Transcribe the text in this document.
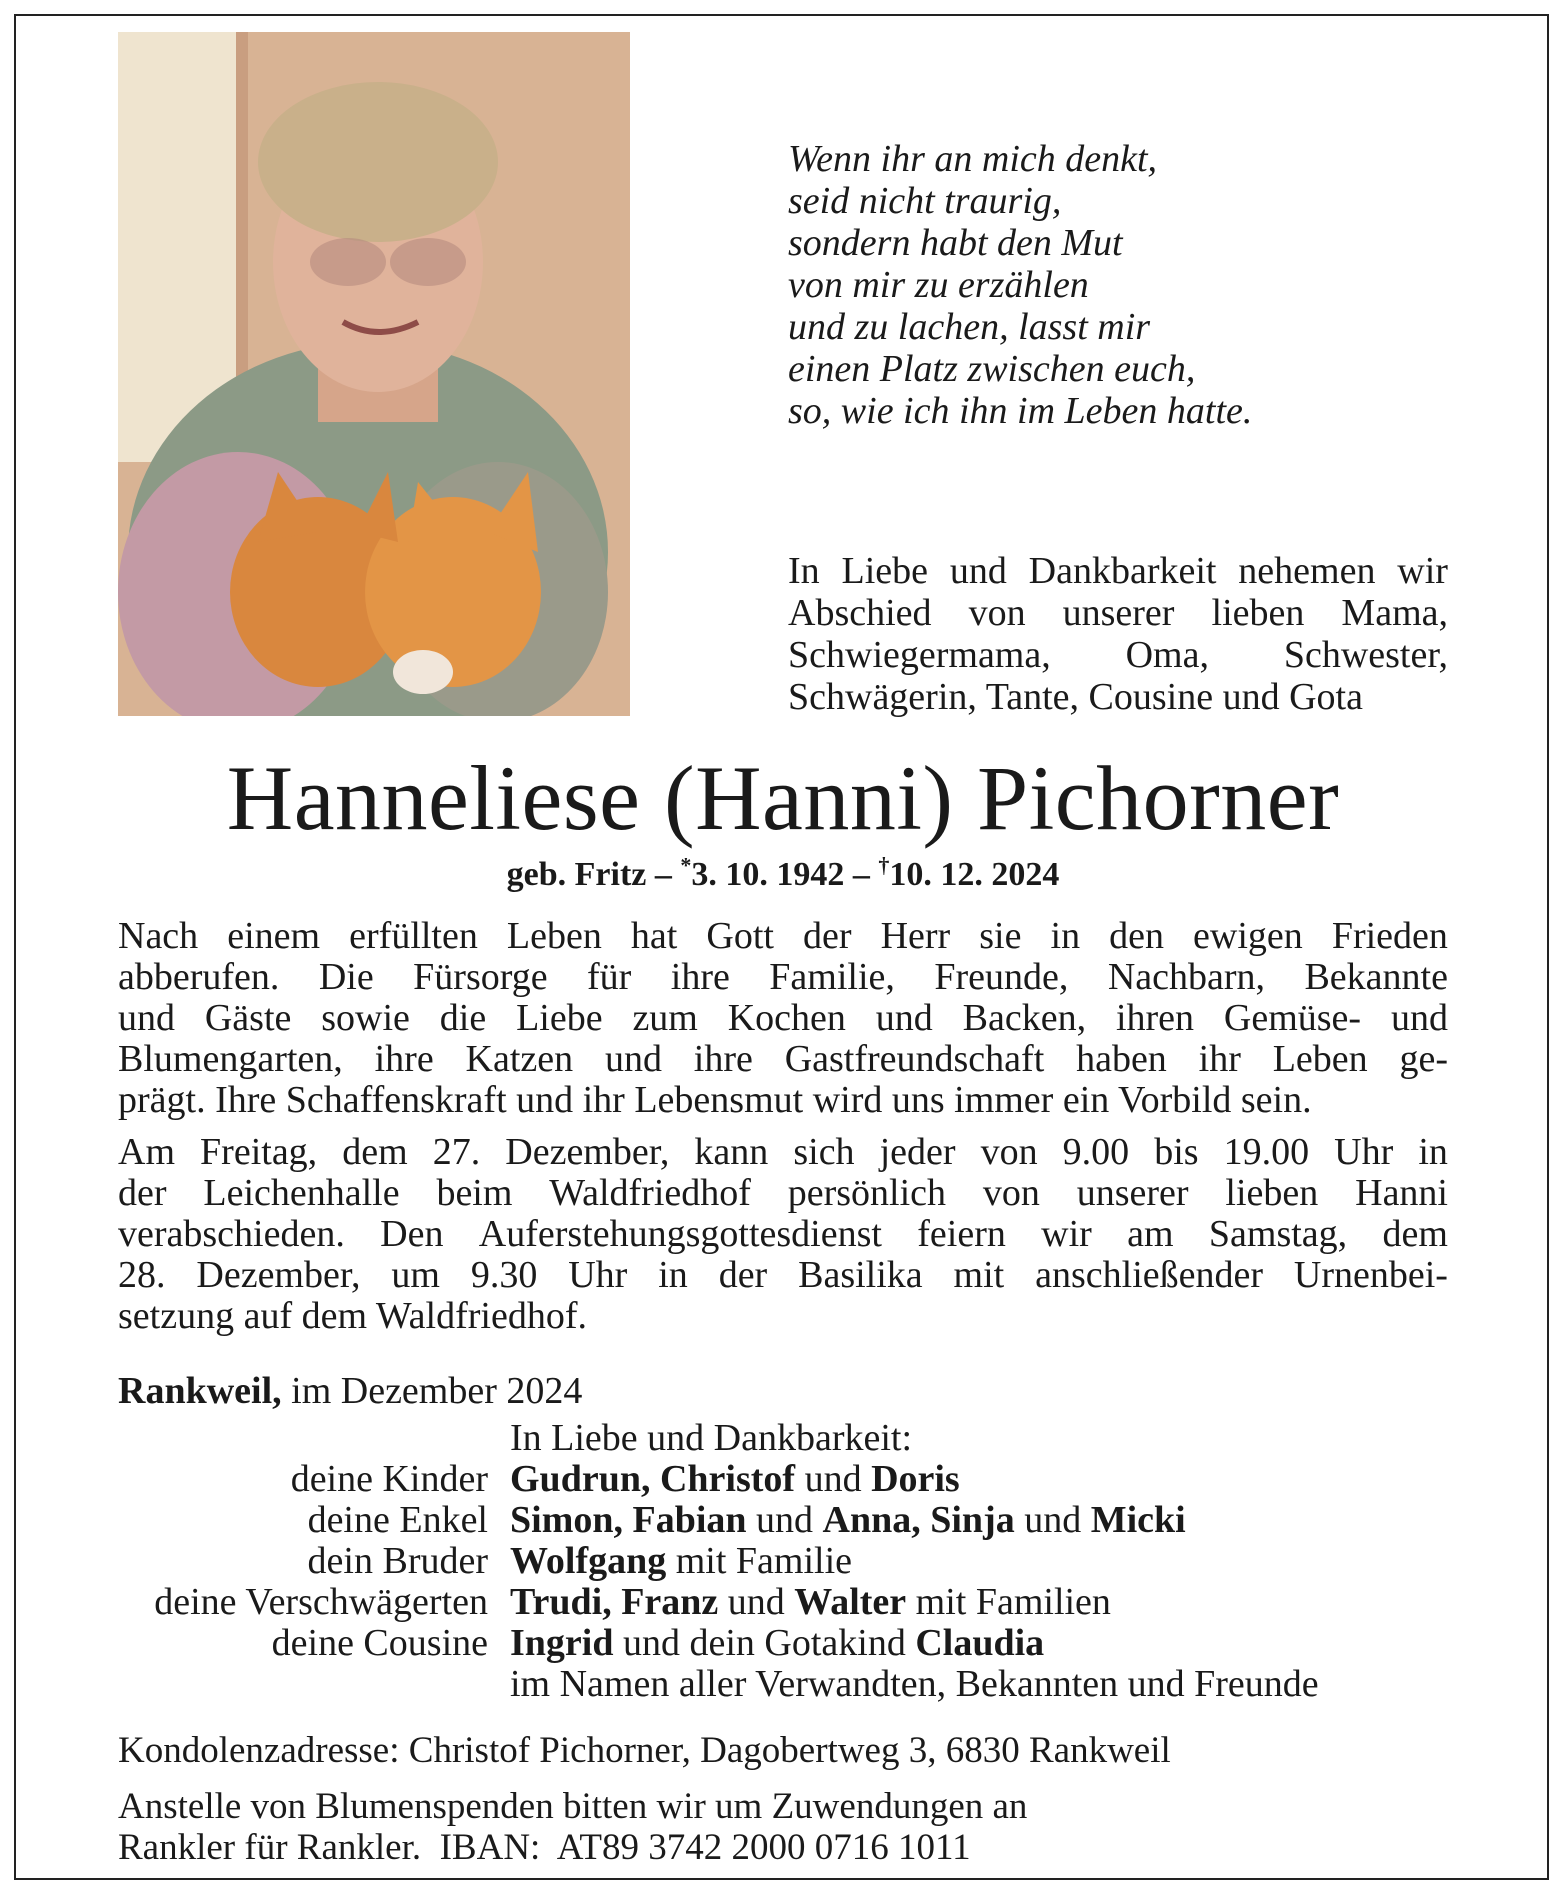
Wenn ihr an mich denkt,
seid nicht traurig,
sondern habt den Mut
von mir zu erzählen
und zu lachen, lasst mir
einen Platz zwischen euch,
so, wie ich ihn im Leben hatte.
In Liebe und Dankbarkeit nehemen wir
Abschied von unserer lieben Mama,
Schwiegermama, Oma, Schwester,
Schwägerin, Tante, Cousine und Gota
Hanneliese (Hanni) Pichorner
geb. Fritz – *3. 10. 1942 – †10. 12. 2024
Nach einem erfüllten Leben hat Gott der Herr sie in den ewigen Frieden
abberufen. Die Fürsorge für ihre Familie, Freunde, Nachbarn, Bekannte
und Gäste sowie die Liebe zum Kochen und Backen, ihren Gemüse- und
Blumengarten, ihre Katzen und ihre Gastfreundschaft haben ihr Leben ge-
prägt. Ihre Schaffenskraft und ihr Lebensmut wird uns immer ein Vorbild sein.
Am Freitag, dem 27. Dezember, kann sich jeder von 9.00 bis 19.00 Uhr in
der Leichenhalle beim Waldfriedhof persönlich von unserer lieben Hanni
verabschieden. Den Auferstehungsgottesdienst feiern wir am Samstag, dem
28. Dezember, um 9.30 Uhr in der Basilika mit anschließender Urnenbei-
setzung auf dem Waldfriedhof.
Rankweil, im Dezember 2024
In Liebe und Dankbarkeit:
deine Kinder Gudrun, Christof und Doris
deine Enkel Simon, Fabian und Anna, Sinja und Micki
dein Bruder Wolfgang mit Familie
deine Verschwägerten Trudi, Franz und Walter mit Familien
deine Cousine Ingrid und dein Gotakind Claudia
im Namen aller Verwandten, Bekannten und Freunde
Kondolenzadresse: Christof Pichorner, Dagobertweg 3, 6830 Rankweil
Anstelle von Blumenspenden bitten wir um Zuwendungen an
Rankler für Rankler.  IBAN:  AT89 3742 2000 0716 1011
